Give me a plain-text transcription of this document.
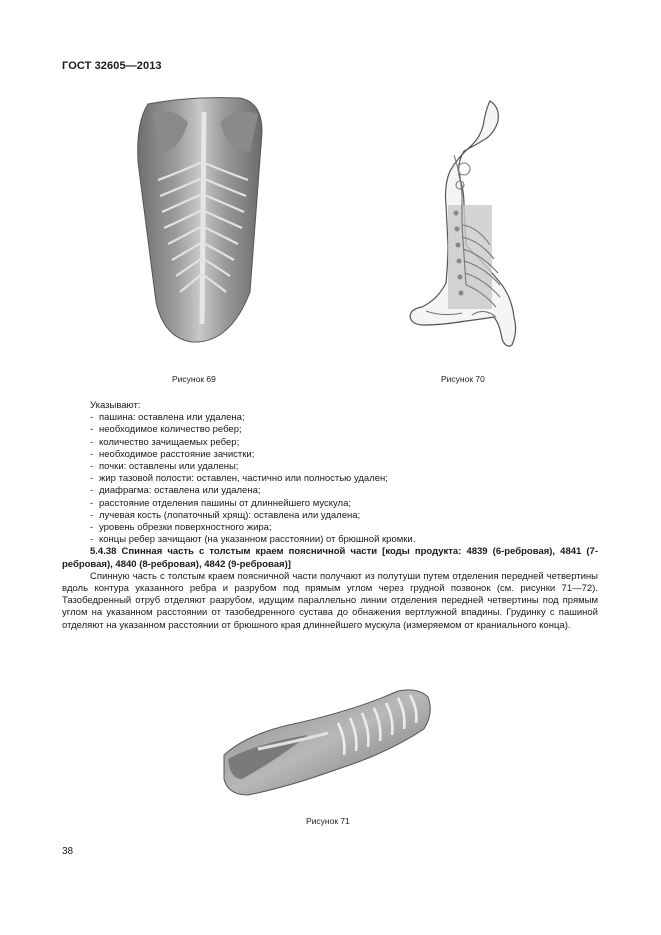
ГОСТ 32605—2013
Рисунок 69	Рисунок 70

Указывают:

- пашина: оставлена или удалена;
- необходимое количество ребер;
- количество зачищаемых ребер;
- необходимое расстояние зачистки;
- почки: оставлены или удалены;
- жир тазовой полости: оставлен, частично или полностью удален;
- диафрагма: оставлена или удалена;
- расстояние отделения пашины от длиннейшего мускула;
- лучевая кость (лопаточный хрящ): оставлена или удалена;
- уровень обрезки поверхностного жира;
- концы ребер зачищают (на указанном расстоянии) от брюшной кромки.

5.4.38 Спинная часть с толстым краем поясничной части [коды продукта: 4839 (6-ребровая), 4841 (7-ребровая), 4840 (8-ребровая), 4842 (9-ребровая)]

Спинную часть с толстым краем поясничной части получают из полутуши путем отделения передней четвертины вдоль контура указанного ребра и разрубом под прямым углом через грудной позвонок (см. рисунки 71—72). Тазобедренный отруб отделяют разрубом, идущим параллельно линии отделения передней четвертины под прямым углом на указанном расстоянии от тазобедренного сустава до обнажения вертлужной впадины. Грудинку с пашиной отделяют на указанном расстоянии от брюшного края длиннейшего мускула (измеряемом от краниального конца).

Рисунок 71
38
